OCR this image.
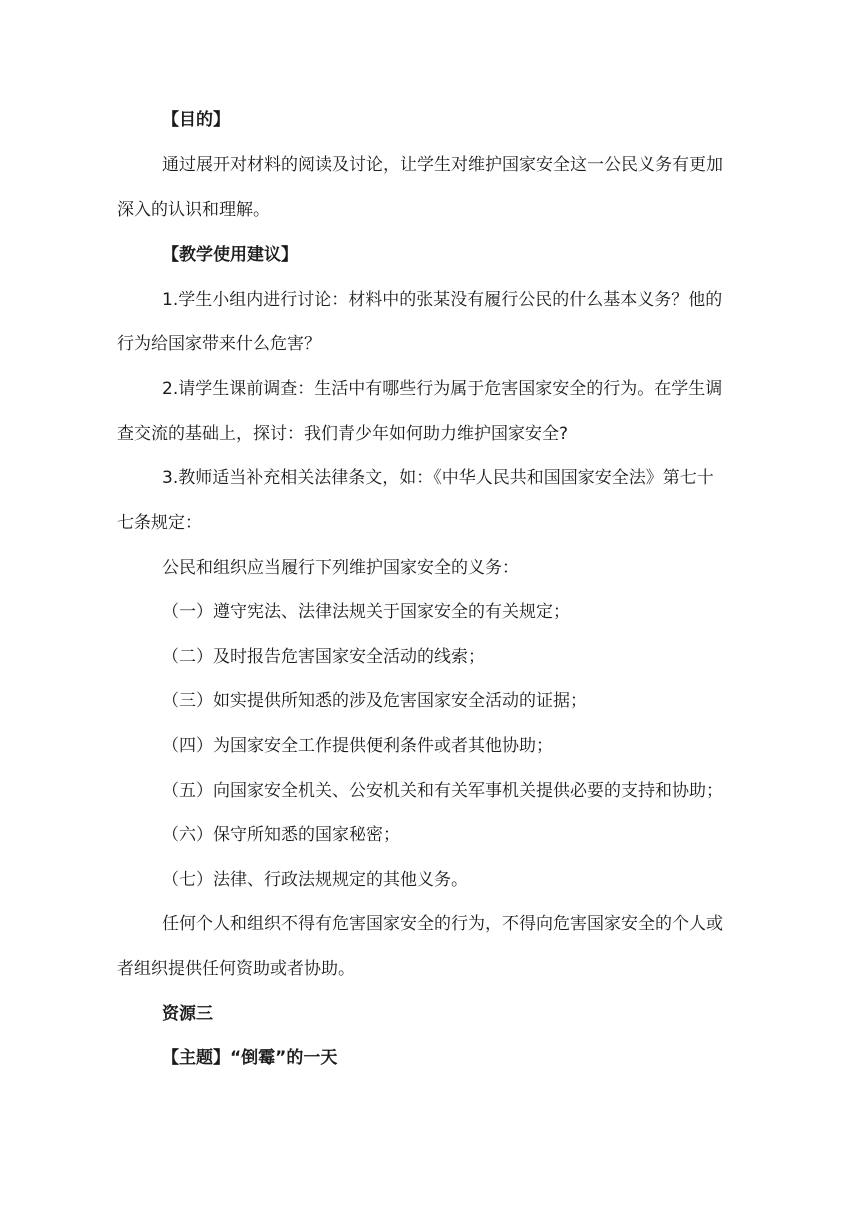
【目的】
通过展开对材料的阅读及讨论，让学生对维护国家安全这一公民义务有更加
深入的认识和理解。
【教学使用建议】
1.学生小组内进行讨论：材料中的张某没有履行公民的什么基本义务？他的
行为给国家带来什么危害？
2.请学生课前调查：生活中有哪些行为属于危害国家安全的行为。在学生调
查交流的基础上，探讨：我们青少年如何助力维护国家安全?
3.教师适当补充相关法律条文，如：《中华人民共和国国家安全法》第七十
七条规定：
公民和组织应当履行下列维护国家安全的义务：
（一）遵守宪法、法律法规关于国家安全的有关规定；
（二）及时报告危害国家安全活动的线索；
（三）如实提供所知悉的涉及危害国家安全活动的证据；
（四）为国家安全工作提供便利条件或者其他协助；
（五）向国家安全机关、公安机关和有关军事机关提供必要的支持和协助；
（六）保守所知悉的国家秘密；
（七）法律、行政法规规定的其他义务。
任何个人和组织不得有危害国家安全的行为，不得向危害国家安全的个人或
者组织提供任何资助或者协助。
资源三
【主题】“倒霉”的一天
